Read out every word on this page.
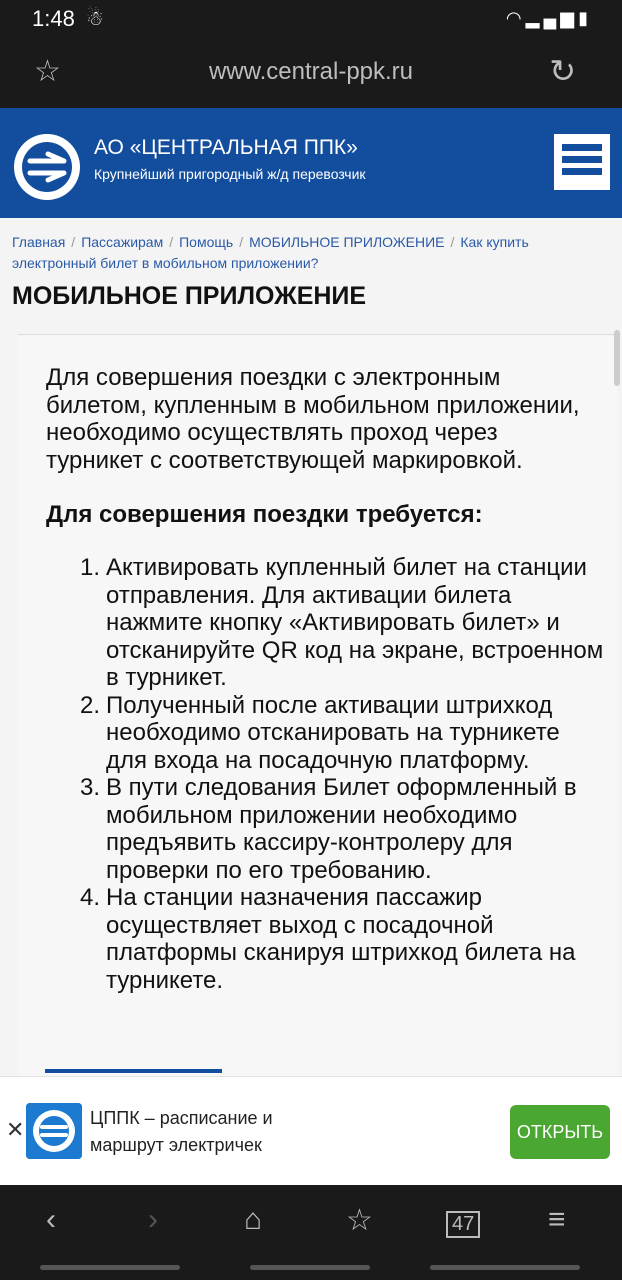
1:48 ☃	◠▂▄▆▮
☆	www.central-ppk.ru	↻
АО «ЦЕНТРАЛЬНАЯ ППК»
Крупнейший пригородный ж/д перевозчик
Главная / Пассажирам / Помощь / МОБИЛЬНОЕ ПРИЛОЖЕНИЕ / Как купить электронный билет в мобильном приложении?
МОБИЛЬНОЕ ПРИЛОЖЕНИЕ
Для совершения поездки с электронным билетом, купленным в мобильном приложении, необходимо осуществлять проход через турникет с соответствующей маркировкой.
Для совершения поездки требуется:
1. Активировать купленный билет на станции отправления. Для активации билета нажмите кнопку «Активировать билет» и отсканируйте QR код на экране, встроенном в турникет.
2. Полученный после активации штрихкод необходимо отсканировать на турникете для входа на посадочную платформу.
3. В пути следования Билет оформленный в мобильном приложении необходимо предъявить кассиру-контролеру для проверки по его требованию.
4. На станции назначения пассажир осуществляет выход с посадочной платформы сканируя штрихкод билета на турникете.
✕	ЦППК – расписание и маршрут электричек
ОТКРЫТЬ
‹	›	⌂	☆	47 ≡
